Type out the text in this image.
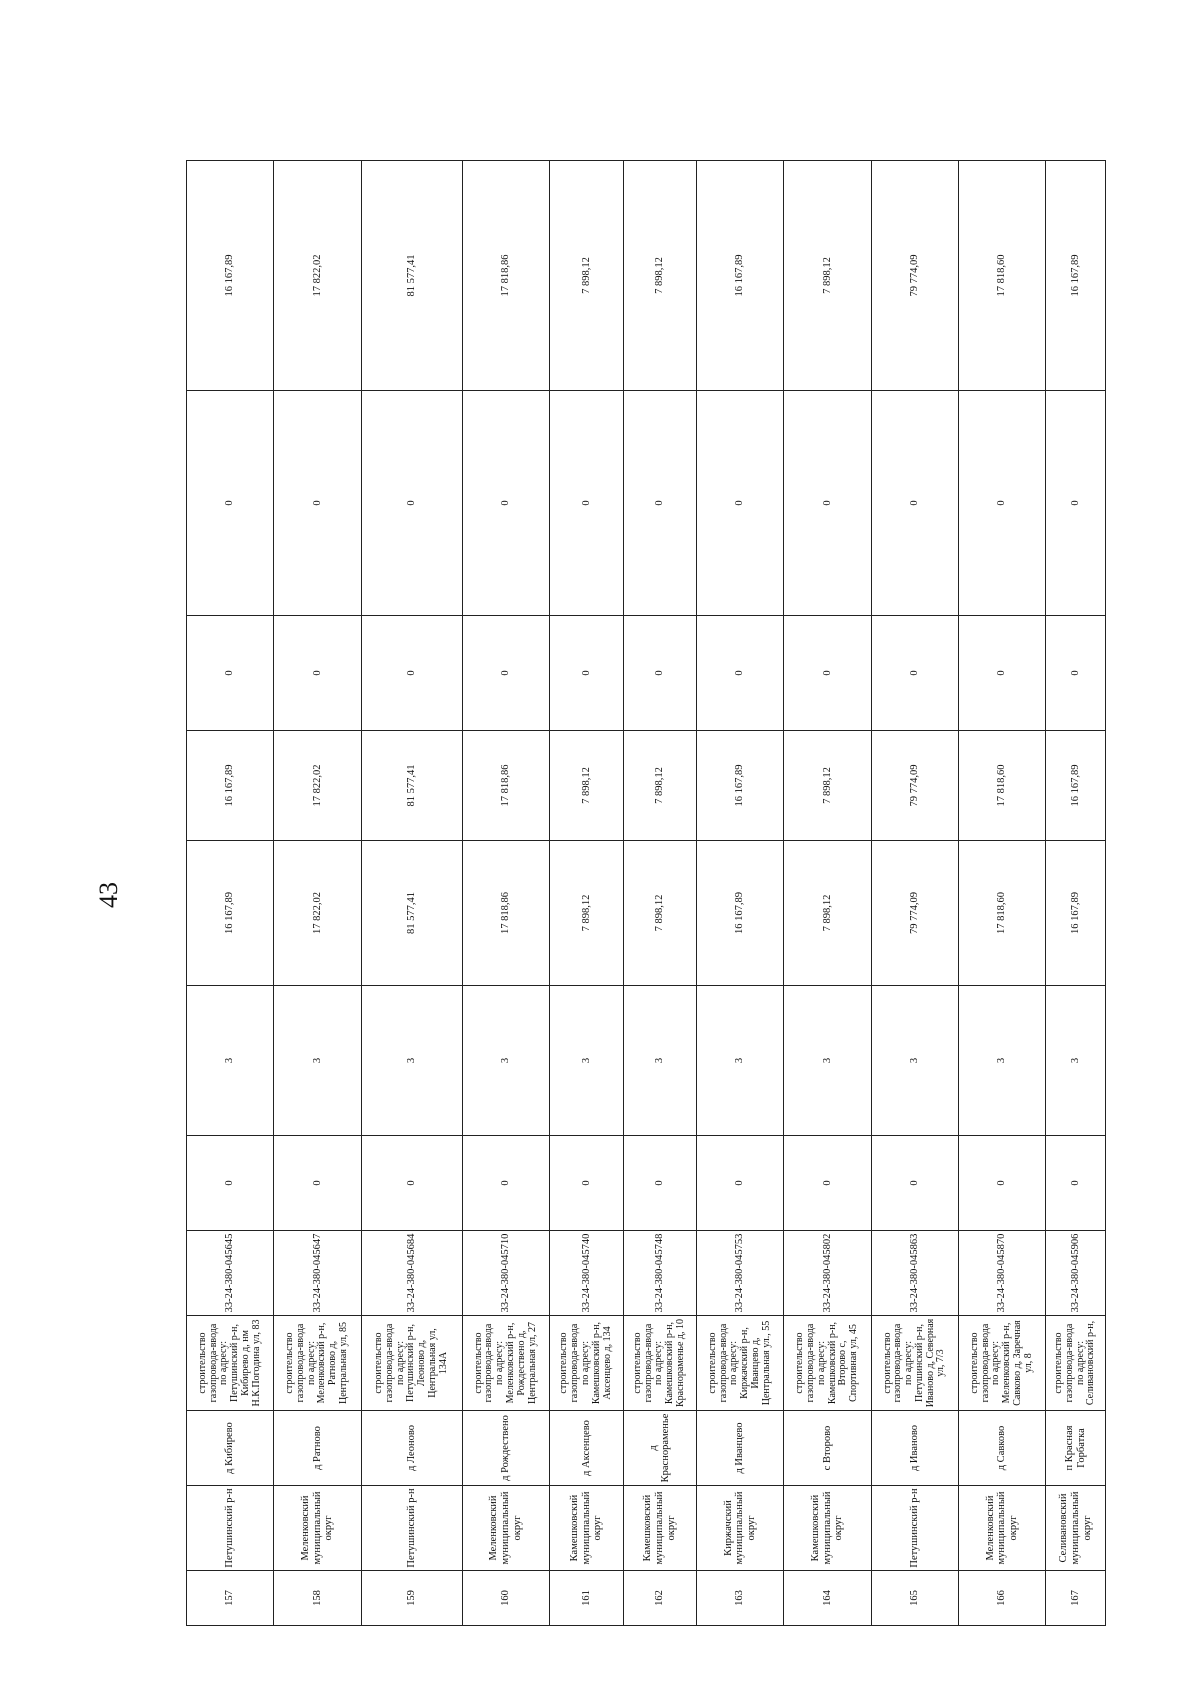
43
157	Петушинский р-н	д Кибирево	строительство газопровода-ввода по адресу: Петушинский р-н, Кибирево д, нм Н.К.Погодина ул, 83	33-24-380-045645	0	3	16 167,89	16 167,89	0	0	16 167,89	
158	Меленковский муниципальный округ	д Ратново	строительство газопровода-ввода по адресу: Меленковский р-н, Ратново д, Центральная ул, 85	33-24-380-045647	0	3	17 822,02	17 822,02	0	0	17 822,02	
159	Петушинский р-н	д Леоново	строительство газопровода-ввода по адресу: Петушинский р-н, Леоново д, Центральная ул, 134А	33-24-380-045684	0	3	81 577,41	81 577,41	0	0	81 577,41	
160	Меленковский муниципальный округ	д Рождествено	строительство газопровода-ввода по адресу: Меленковский р-н, Рождествено д, Центральная ул, 27	33-24-380-045710	0	3	17 818,86	17 818,86	0	0	17 818,86	
161	Камешковский муниципальный округ	д Аксенцево	строительство газопровода-ввода по адресу: Камешковский р-н, Аксенцево д, 134	33-24-380-045740	0	3	7 898,12	7 898,12	0	0	7 898,12	
162	Камешковский муниципальный округ	д Краснораменье	строительство газопровода-ввода по адресу: Камешковский р-н, Краснораменье д, 10	33-24-380-045748	0	3	7 898,12	7 898,12	0	0	7 898,12	
163	Киржачский муниципальный округ	д Иванцево	строительство газопровода-ввода по адресу: Киржачский р-н, Иванцево д, Центральная ул., 55	33-24-380-045753	0	3	16 167,89	16 167,89	0	0	16 167,89	
164	Камешковский муниципальный округ	с Второво	строительство газопровода-ввода по адресу: Камешковский р-н, Второво с, Спортивная ул, 45	33-24-380-045802	0	3	7 898,12	7 898,12	0	0	7 898,12	
165	Петушинский р-н	д Иваново	строительство газопровода-ввода по адресу: Петушинский р-н, Иваново д, Северная ул, 7/3	33-24-380-045863	0	3	79 774,09	79 774,09	0	0	79 774,09	
166	Меленковский муниципальный округ	д Савково	строительство газопровода-ввода по адресу: Меленковский р-н, Савково д, Заречная ул, 8	33-24-380-045870	0	3	17 818,60	17 818,60	0	0	17 818,60	
167	Селивановский муниципальный округ	п Красная Горбатка	строительство газопровода-ввода по адресу: Селивановский р-н,	33-24-380-045906	0	3	16 167,89	16 167,89	0	0	16 167,89	
